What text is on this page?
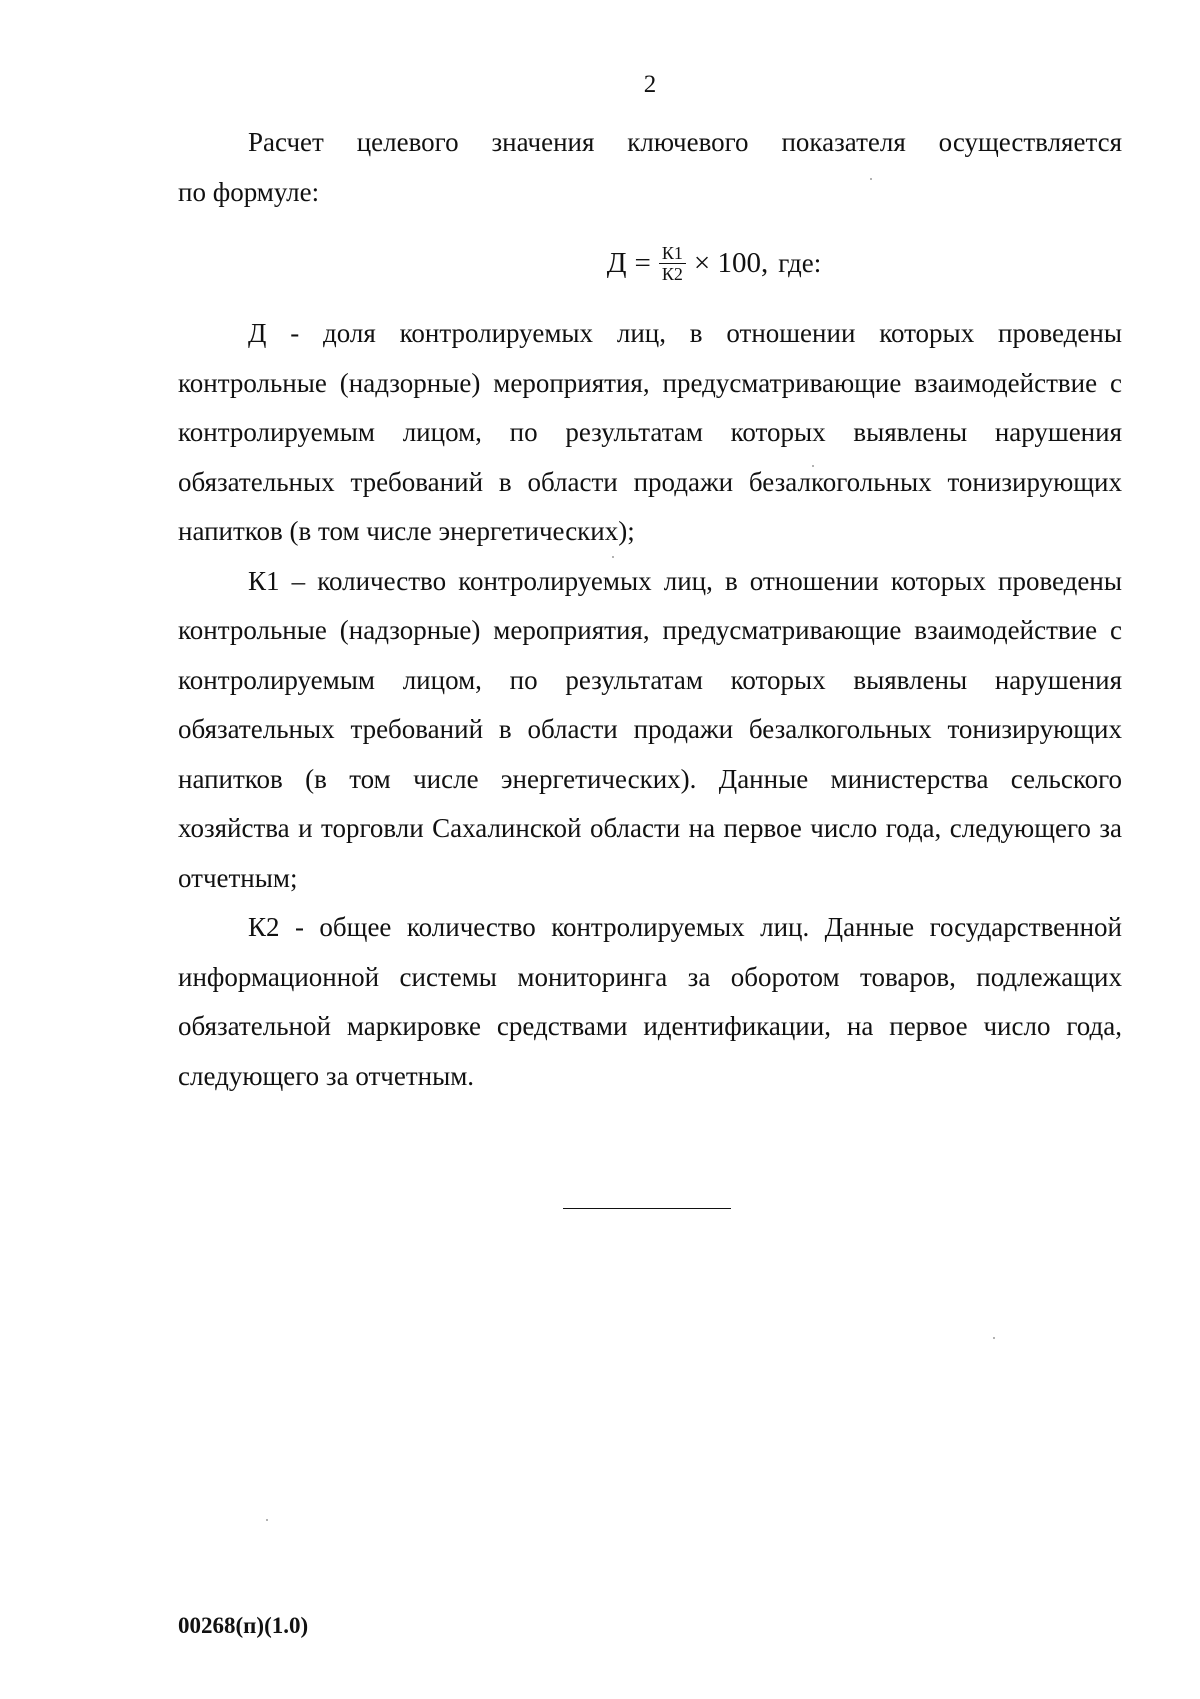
2

Расчет целевого значения ключевого показателя осуществляется

по формуле:

$Д = \frac{К1}{К2} \times 100$, где:

Д - доля контролируемых лиц, в отношении которых проведены контрольные (надзорные) мероприятия, предусматривающие взаимодействие с контролируемым лицом, по результатам которых выявлены нарушения обязательных требований в области продажи безалкогольных тонизирующих напитков (в том числе энергетических);

К1 – количество контролируемых лиц, в отношении которых проведены контрольные (надзорные) мероприятия, предусматривающие взаимодействие с контролируемым лицом, по результатам которых выявлены нарушения обязательных требований в области продажи безалкогольных тонизирующих напитков (в том числе энергетических). Данные министерства сельского хозяйства и торговли Сахалинской области на первое число года, следующего за отчетным;

К2 - общее количество контролируемых лиц. Данные государственной информационной системы мониторинга за оборотом товаров, подлежащих обязательной маркировке средствами идентификации, на первое число года, следующего за отчетным.

00268(п)(1.0)
